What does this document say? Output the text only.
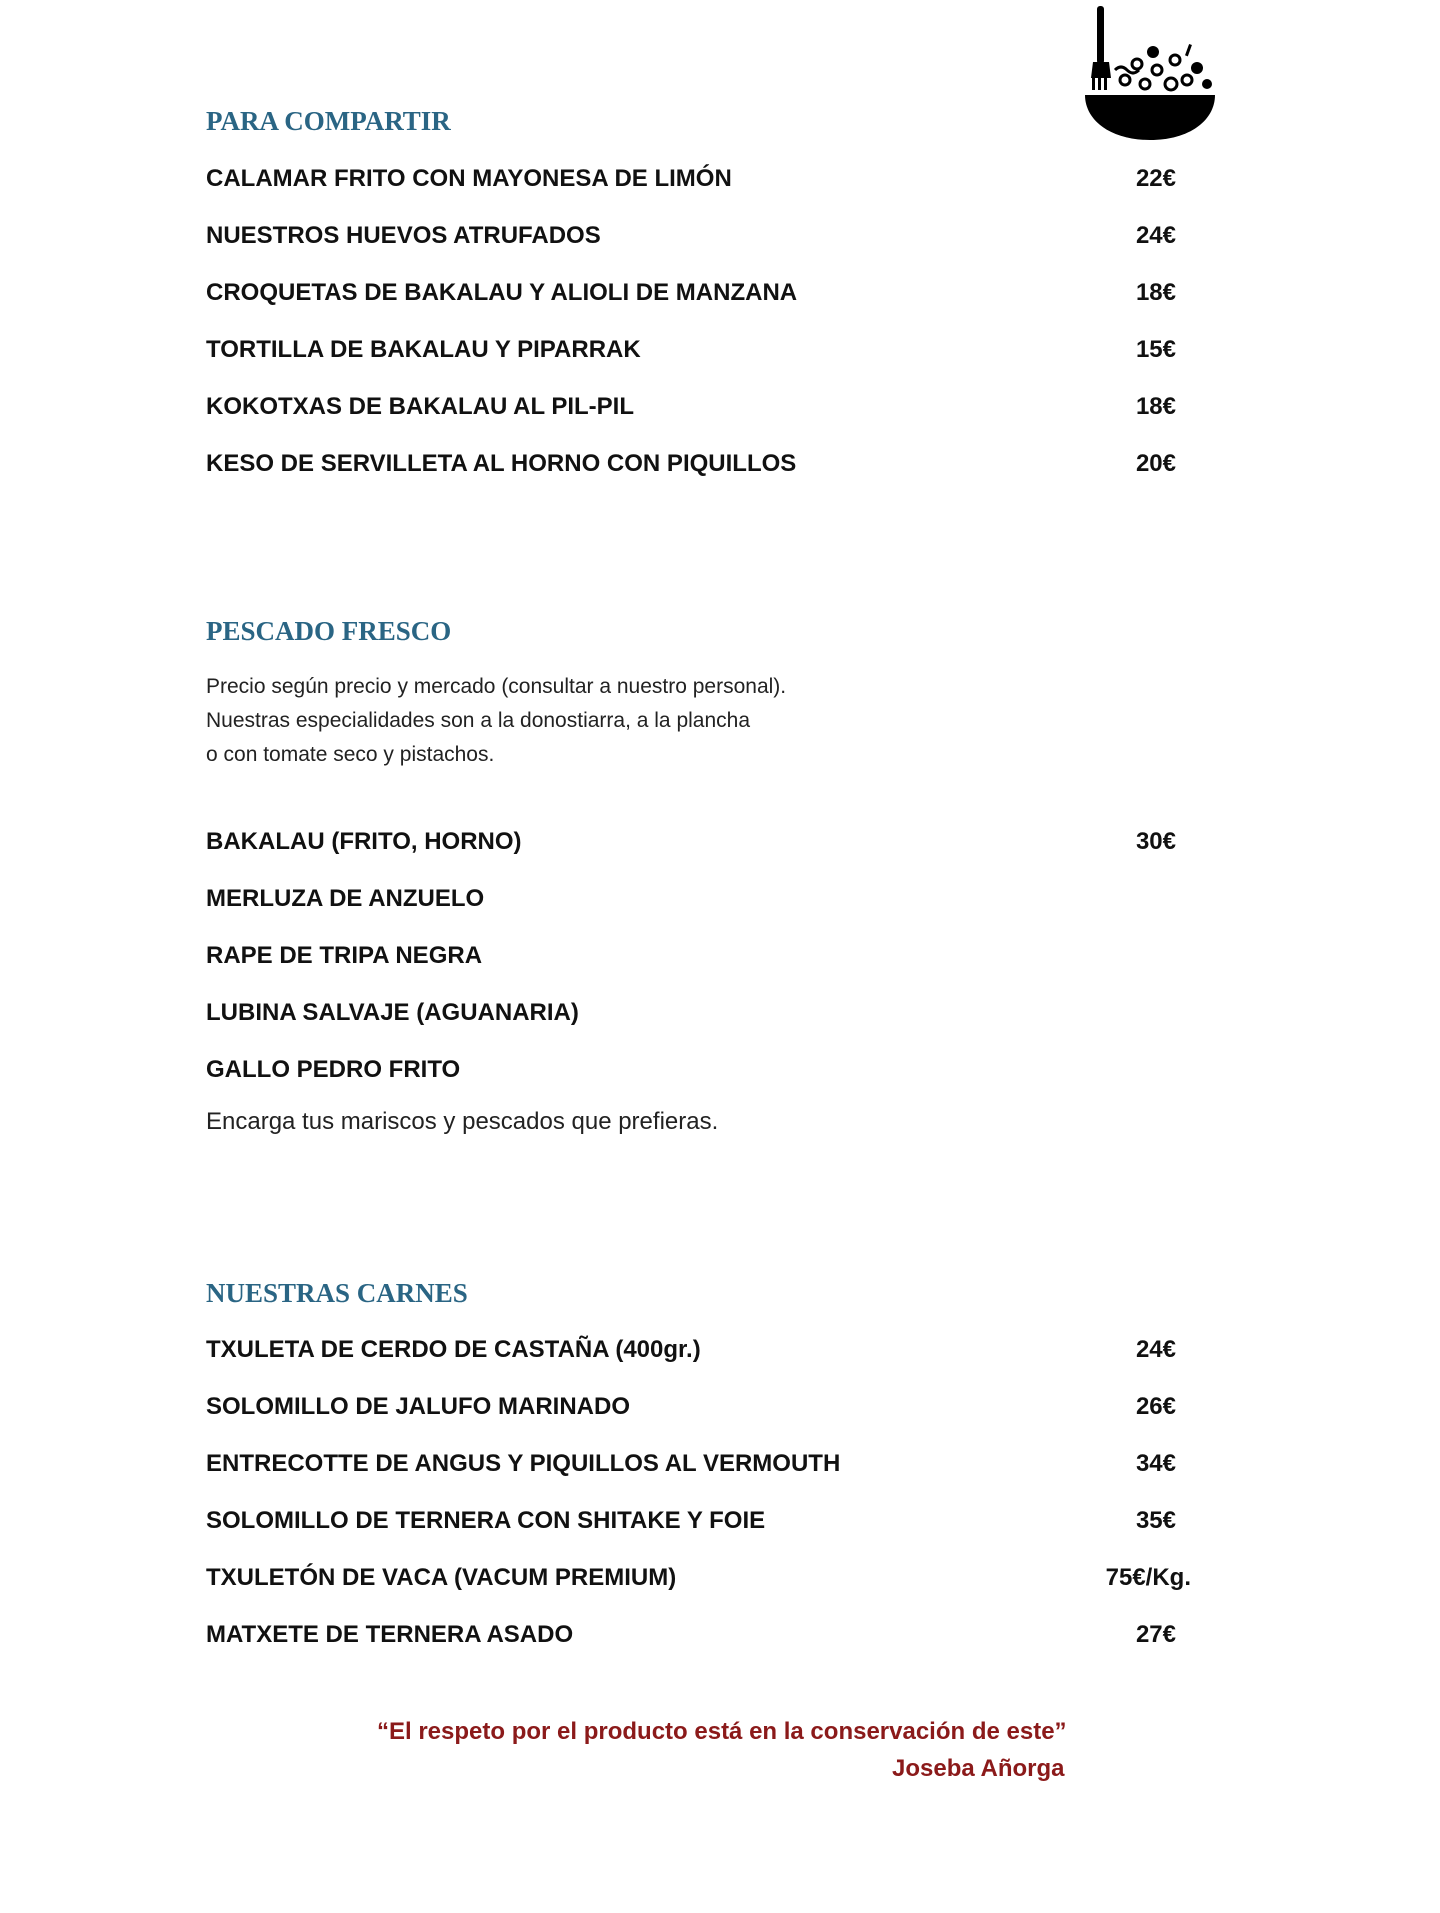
PARA COMPARTIR
CALAMAR FRITO CON MAYONESA DE LIMÓN	22€
NUESTROS HUEVOS ATRUFADOS	24€
CROQUETAS DE BAKALAU Y ALIOLI DE MANZANA	18€
TORTILLA DE BAKALAU Y PIPARRAK	15€
KOKOTXAS DE BAKALAU AL PIL-PIL	18€
KESO DE SERVILLETA AL HORNO CON PIQUILLOS	20€
PESCADO FRESCO

Precio según precio y mercado (consultar a nuestro personal).
Nuestras especialidades son a la donostiarra, a la plancha
o con tomate seco y pistachos.

BAKALAU (FRITO, HORNO)	30€
MERLUZA DE ANZUELO
RAPE DE TRIPA NEGRA
LUBINA SALVAJE (AGUANARIA)
GALLO PEDRO FRITO
Encarga tus mariscos y pescados que prefieras.
NUESTRAS CARNES
TXULETA DE CERDO DE CASTAÑA (400gr.)	24€
SOLOMILLO DE JALUFO MARINADO	26€
ENTRECOTTE DE ANGUS Y PIQUILLOS AL VERMOUTH	34€
SOLOMILLO DE TERNERA CON SHITAKE Y FOIE	35€
TXULETÓN DE VACA (VACUM PREMIUM)	75€/Kg.
MATXETE DE TERNERA ASADO	27€
“El respeto por el producto está en la conservación de este”
Joseba Añorga
